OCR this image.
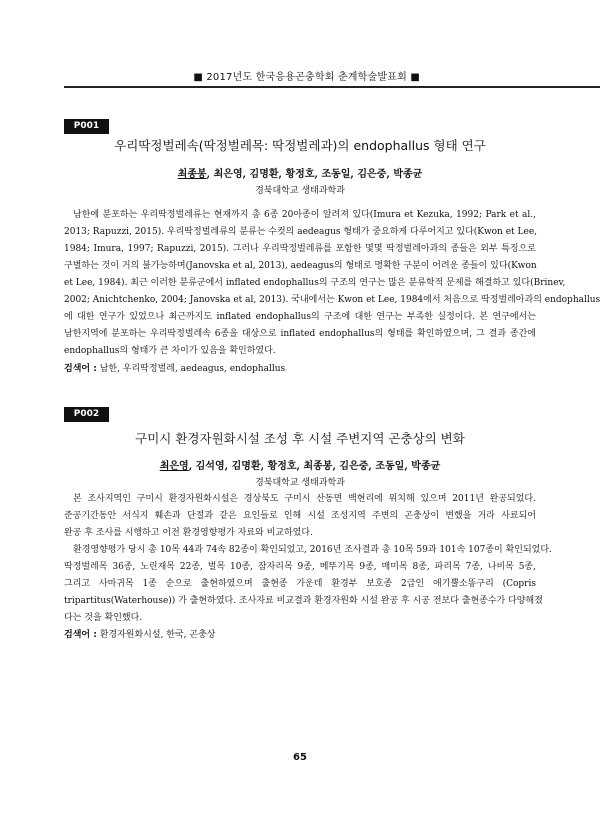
■ 2017년도 한국응용곤충학회 춘계학술발표회 ■
P001
우리딱정벌레속(딱정벌레목: 딱정벌레과)의 endophallus 형태 연구
최종봉, 최은영, 김명환, 황정호, 조동일, 김은중, 박종균
경북대학교 생태과학과
남한에 분포하는 우리딱정벌레류는 현재까지 총 6종 20아종이 알려져 있다(Imura et Kezuka, 1992; Park et al.,
2013; Rapuzzi, 2015). 우리딱정벌레류의 분류는 수컷의 aedeagus 형태가 중요하게 다루어지고 있다(Kwon et Lee,
1984; Imura, 1997; Rapuzzi, 2015). 그러나 우리딱정벌레류를 포함한 몇몇 딱정벌레아과의 종들은 외부 특징으로
구별하는 것이 거의 불가능하며(Janovska et al, 2013), aedeagus의 형태로 명확한 구분이 어려운 종들이 있다(Kwon
et Lee, 1984). 최근 이러한 분류군에서 inflated endophallus의 구조의 연구는 많은 분류학적 문제를 해결하고 있다(Brinev,
2002; Anichtchenko, 2004; Janovska et al, 2013). 국내에서는 Kwon et Lee, 1984에서 처음으로 딱정벌레아과의 endophallus
에 대한 연구가 있었으나 최근까지도 inflated endophallus의 구조에 대한 연구는 부족한 실정이다. 본 연구에서는
남한지역에 분포하는 우리딱정벌레속 6종을 대상으로 inflated endophallus의 형태를 확인하였으며, 그 결과 종간에
endophallus의 형태가 큰 차이가 있음을 확인하였다.
검색어 : 남한, 우리딱정벌레, aedeagus, endophallus
P002
구미시 환경자원화시설 조성 후 시설 주변지역 곤충상의 변화
최은영, 김석영, 김명환, 황정호, 최종봉, 김은중, 조동일, 박종균
경북대학교 생태과학과
본 조사지역인 구미시 환경자원화시설은 경상북도 구미시 산동면 백현리에 위치해 있으며 2011년 완공되었다.
준공기간동안 서식지 훼손과 단절과 같은 요인들로 인해 시설 조성지역 주변의 곤충상이 변했을 거라 사료되어
완공 후 조사를 시행하고 이전 환경영향평가 자료와 비교하였다.
환경영향평가 당시 총 10목 44과 74속 82종이 확인되었고, 2016년 조사결과 총 10목 59과 101속 107종이 확인되었다.
딱정벌레목 36종, 노린재목 22종, 벌목 10종, 잠자리목 9종, 메뚜기목 9종, 매미목 8종, 파리목 7종, 나비목 5종,
그리고 사마귀목 1종 순으로 출현하였으며 출현종 가운데 환경부 보호종 2급인 애기뿔소똥구리 (Copris
tripartitus(Waterhouse)) 가 출현하였다. 조사자료 비교결과 환경자원화 시설 완공 후 시공 전보다 출현종수가 다양해졌
다는 것을 확인했다.
검색어 : 환경자원화시설, 한국, 곤충상
65
